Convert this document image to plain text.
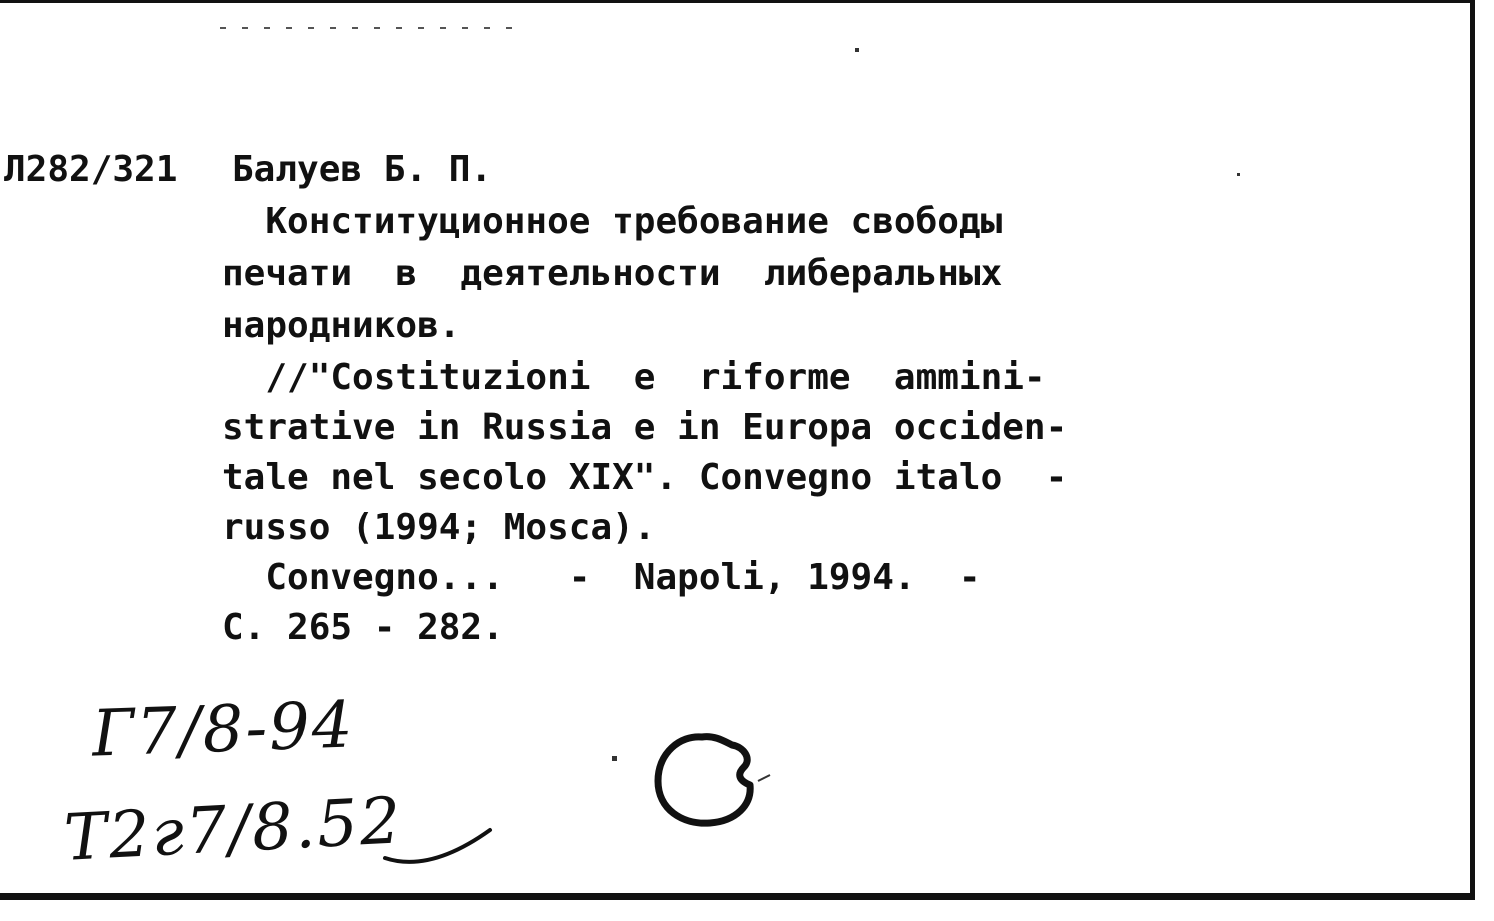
Л282/321 Балуев Б. П.
Конституционное требование свободы
печати  в  деятельности  либеральных
народников.
//"Costituzioni  e  riforme  ammini-
strative in Russia e in Europa occiden-
tale nel secolo XIX". Convegno italo  -
russo (1994; Mosca).
Convegno...   -  Napoli, 1994.  -
C. 265 - 282.
Г7/8-94
Т2г7/8.52
